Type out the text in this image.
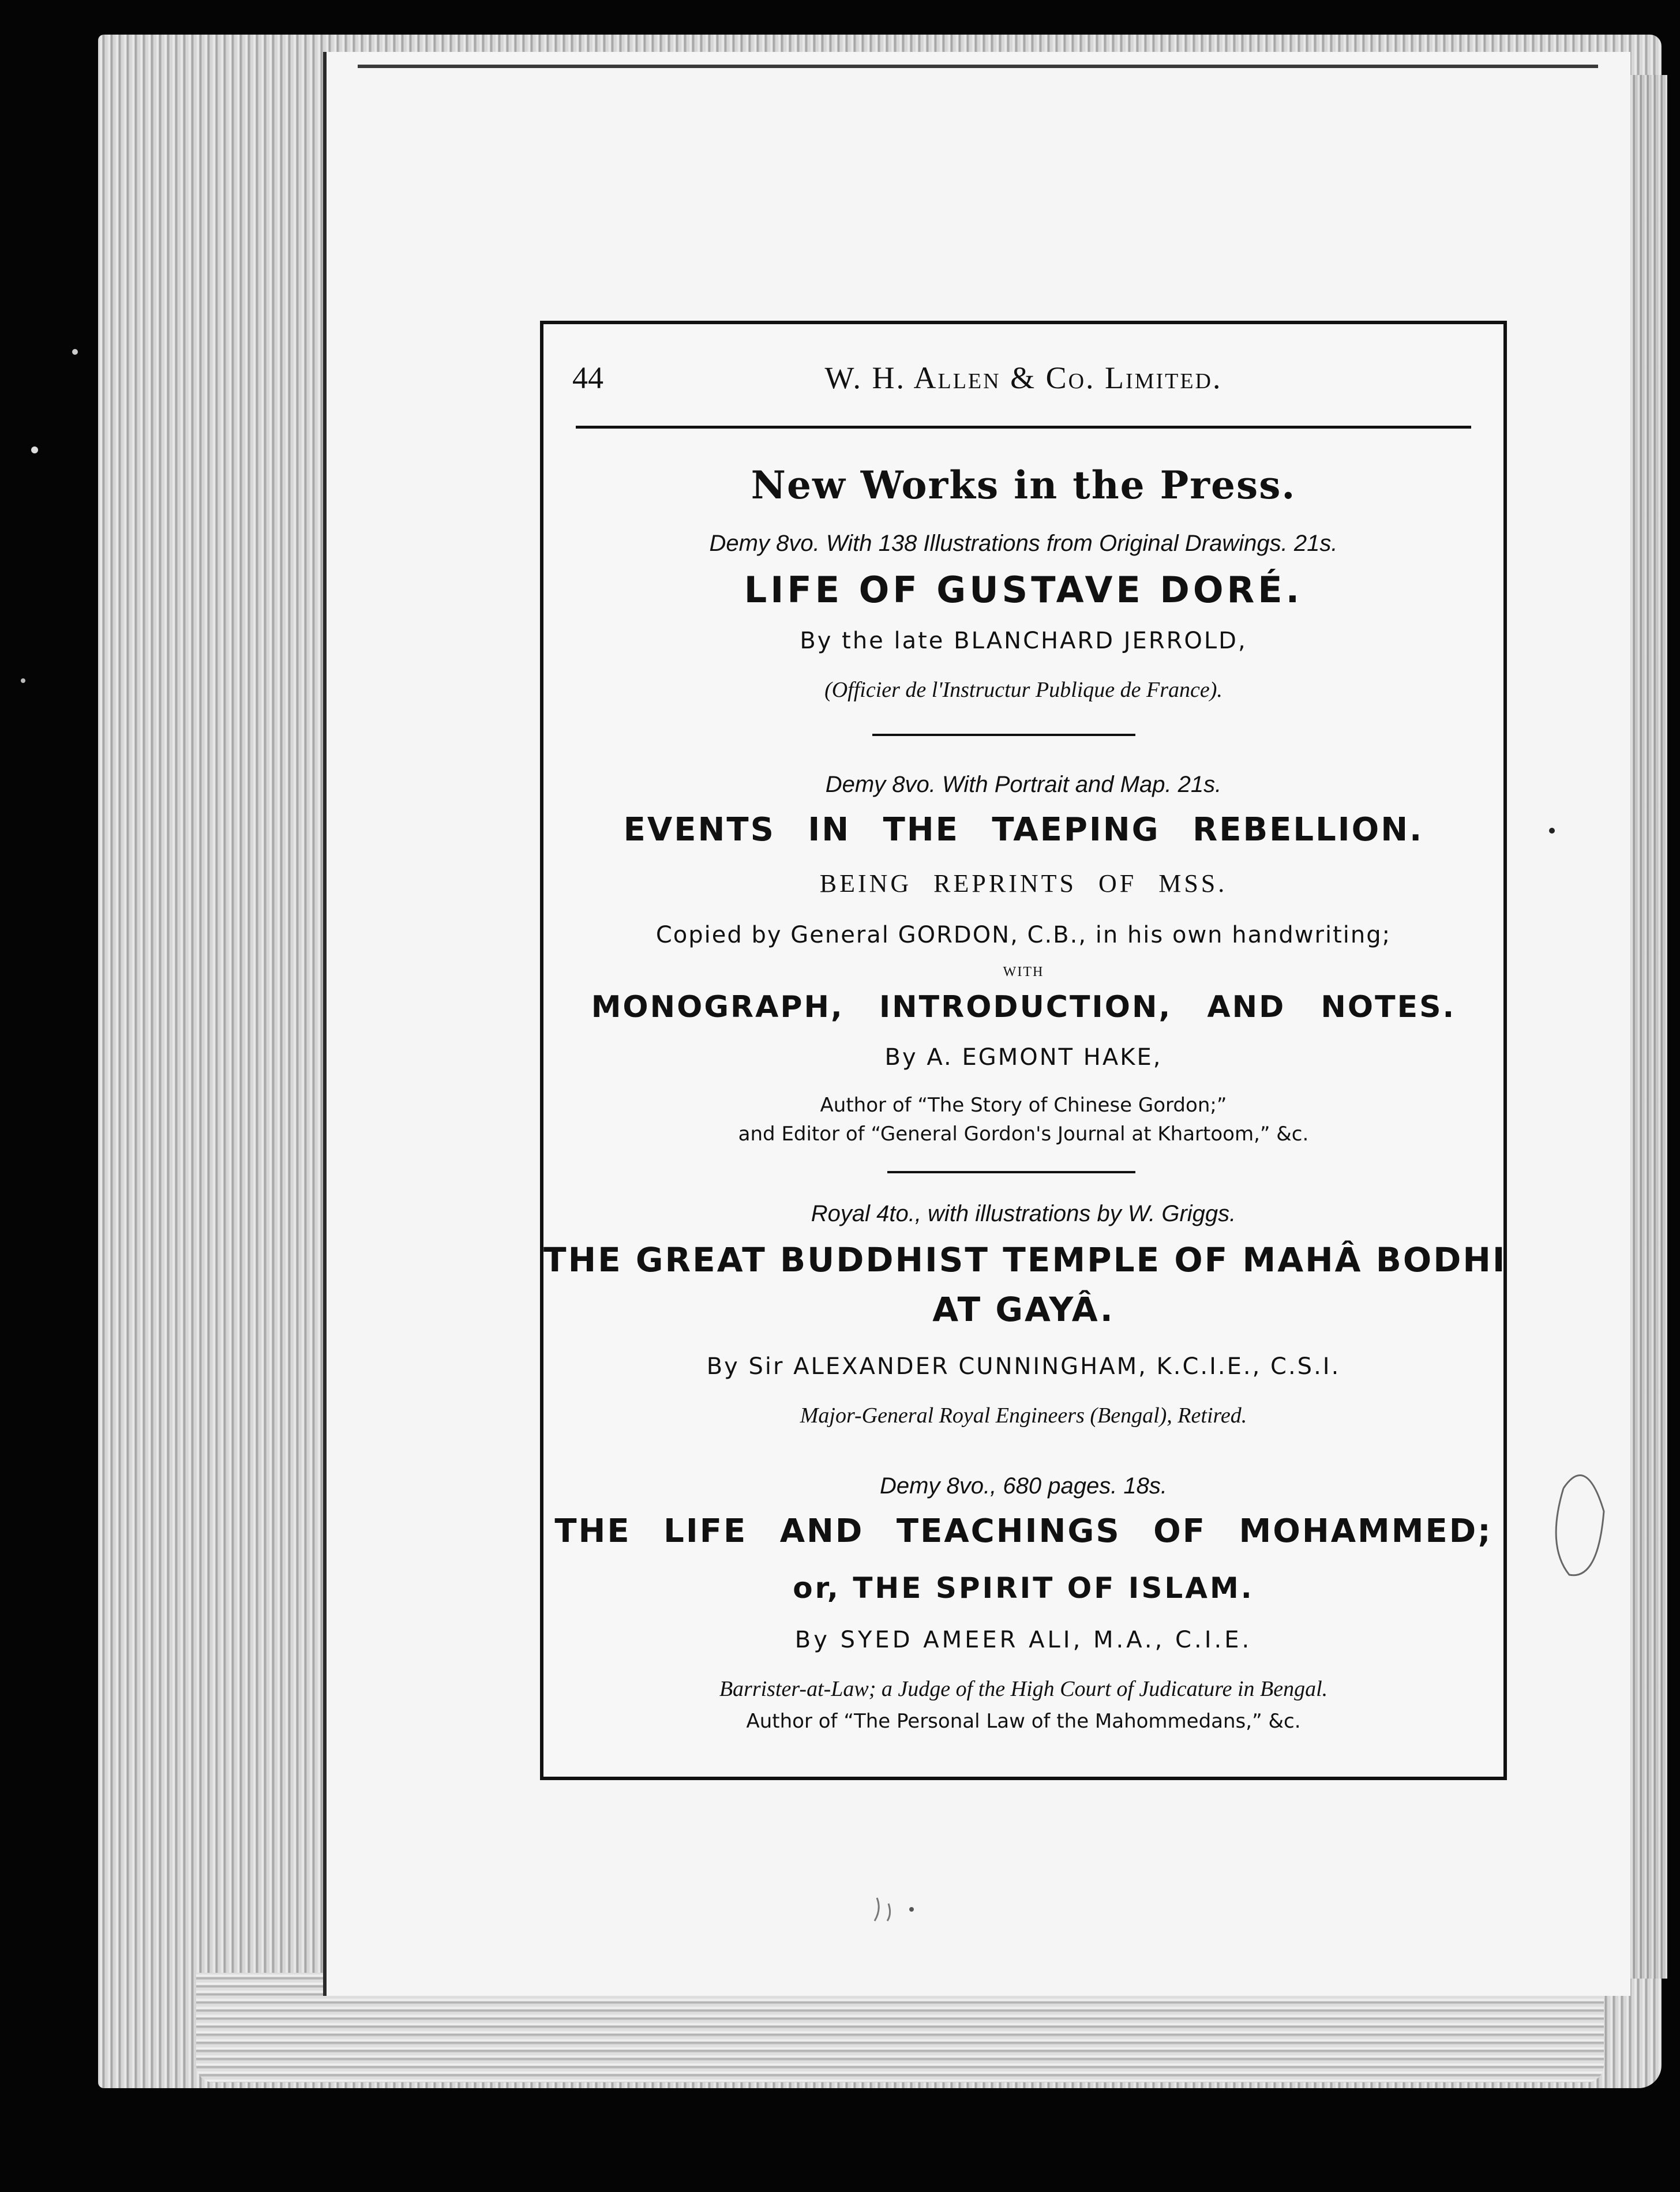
44	W. H. Allen & Co. Limited.
New Works in the Press.
Demy 8vo. With 138 Illustrations from Original Drawings. 21s.
LIFE OF GUSTAVE DORÉ.
By the late BLANCHARD JERROLD,
(Officier de l'Instructur Publique de France).
Demy 8vo. With Portrait and Map. 21s.
EVENTS IN THE TAEPING REBELLION.
BEING REPRINTS OF MSS.
Copied by General GORDON, C.B., in his own handwriting;
WITH
MONOGRAPH, INTRODUCTION, AND NOTES.
By A. EGMONT HAKE,
Author of “The Story of Chinese Gordon;”
and Editor of “General Gordon's Journal at Khartoom,” &c.
Royal 4to., with illustrations by W. Griggs.
THE GREAT BUDDHIST TEMPLE OF MAHÂ BODHI
AT GAYÂ.
By Sir ALEXANDER CUNNINGHAM, K.C.I.E., C.S.I.
Major-General Royal Engineers (Bengal), Retired.
Demy 8vo., 680 pages. 18s.
THE LIFE AND TEACHINGS OF MOHAMMED;
or, THE SPIRIT OF ISLAM.
By SYED AMEER ALI, M.A., C.I.E.
Barrister-at-Law; a Judge of the High Court of Judicature in Bengal.
Author of “The Personal Law of the Mahommedans,” &c.
